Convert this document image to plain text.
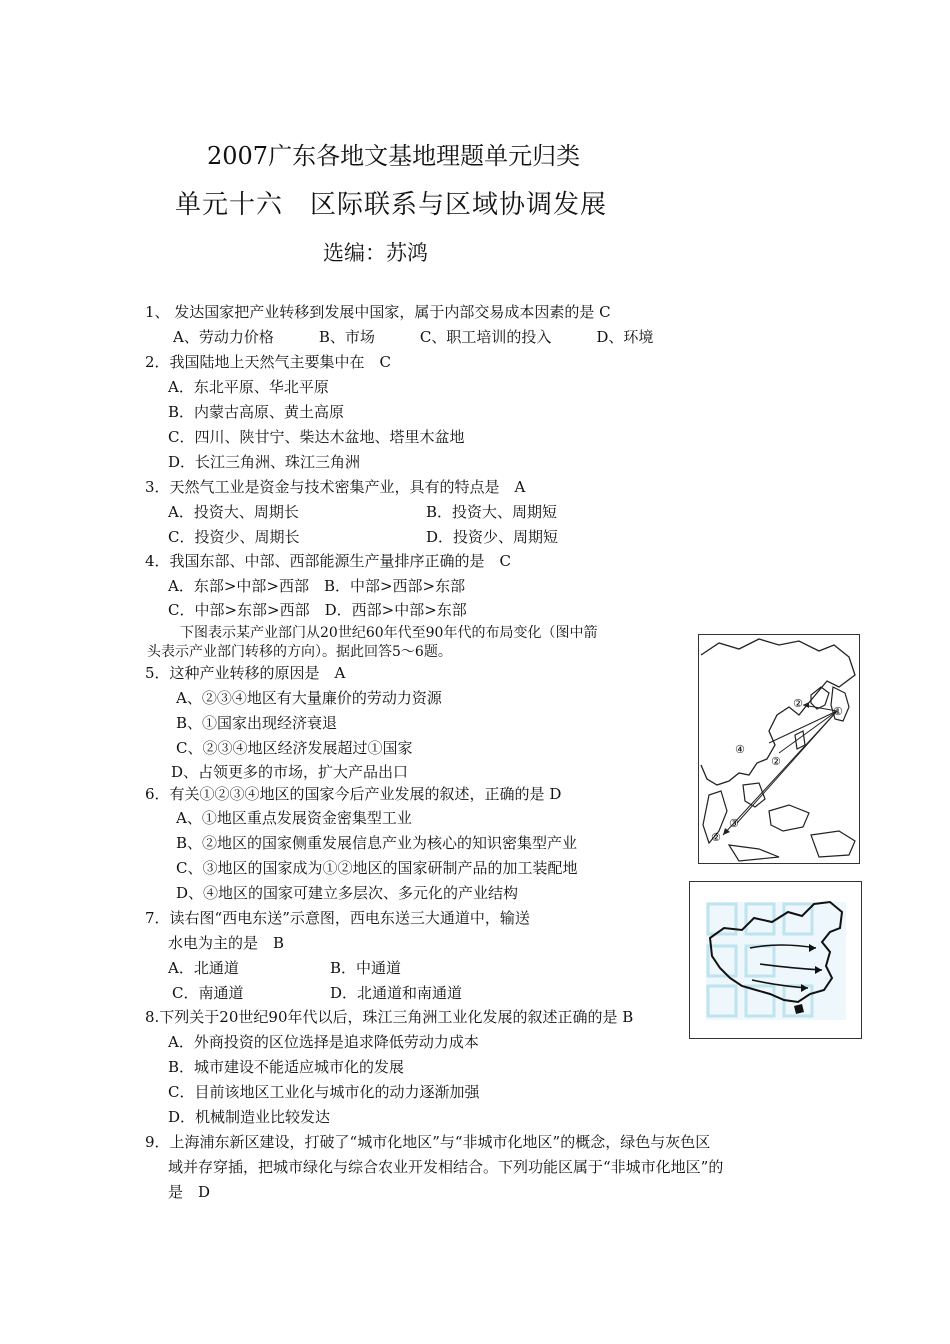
2007广东各地文基地理题单元归类
单元十六　区际联系与区域协调发展
选编：苏鸿
1、 发达国家把产业转移到发展中国家，属于内部交易成本因素的是 C
A、劳动力价格　　　B、市场　　　C、职工培训的投入　　　D、环境
2．我国陆地上天然气主要集中在　C
A．东北平原、华北平原
B．内蒙古高原、黄土高原
C．四川、陕甘宁、柴达木盆地、塔里木盆地
D．长江三角洲、珠江三角洲
3．天然气工业是资金与技术密集产业，具有的特点是　A
A．投资大、周期长	B．投资大、周期短
C．投资少、周期长	D．投资少、周期短
4．我国东部、中部、西部能源生产量排序正确的是　C
A．东部>中部>西部　B．中部>西部>东部
C．中部>东部>西部　D．西部>中部>东部
下图表示某产业部门从20世纪60年代至90年代的布局变化（图中箭
头表示产业部门转移的方向）。据此回答5～6题。
5．这种产业转移的原因是　A
A、②③④地区有大量廉价的劳动力资源
B、①国家出现经济衰退
C、②③④地区经济发展超过①国家
D、占领更多的市场，扩大产品出口
6．有关①②③④地区的国家今后产业发展的叙述，正确的是 D
A、①地区重点发展资金密集型工业
B、②地区的国家侧重发展信息产业为核心的知识密集型产业
C、③地区的国家成为①②地区的国家研制产品的加工装配地
D、④地区的国家可建立多层次、多元化的产业结构
7．读右图“西电东送”示意图，西电东送三大通道中，输送
水电为主的是　B
A．北通道	B．中通道
C．南通道	D．北通道和南通道
8.下列关于20世纪90年代以后，珠江三角洲工业化发展的叙述正确的是 B
A．外商投资的区位选择是追求降低劳动力成本
B．城市建设不能适应城市化的发展
C．目前该地区工业化与城市化的动力逐渐加强
D．机械制造业比较发达
9．上海浦东新区建设，打破了“城市化地区”与“非城市化地区”的概念，绿色与灰色区
域并存穿插，把城市绿化与综合农业开发相结合。下列功能区属于“非城市化地区”的
是　D
①
②
②
③
④
②
